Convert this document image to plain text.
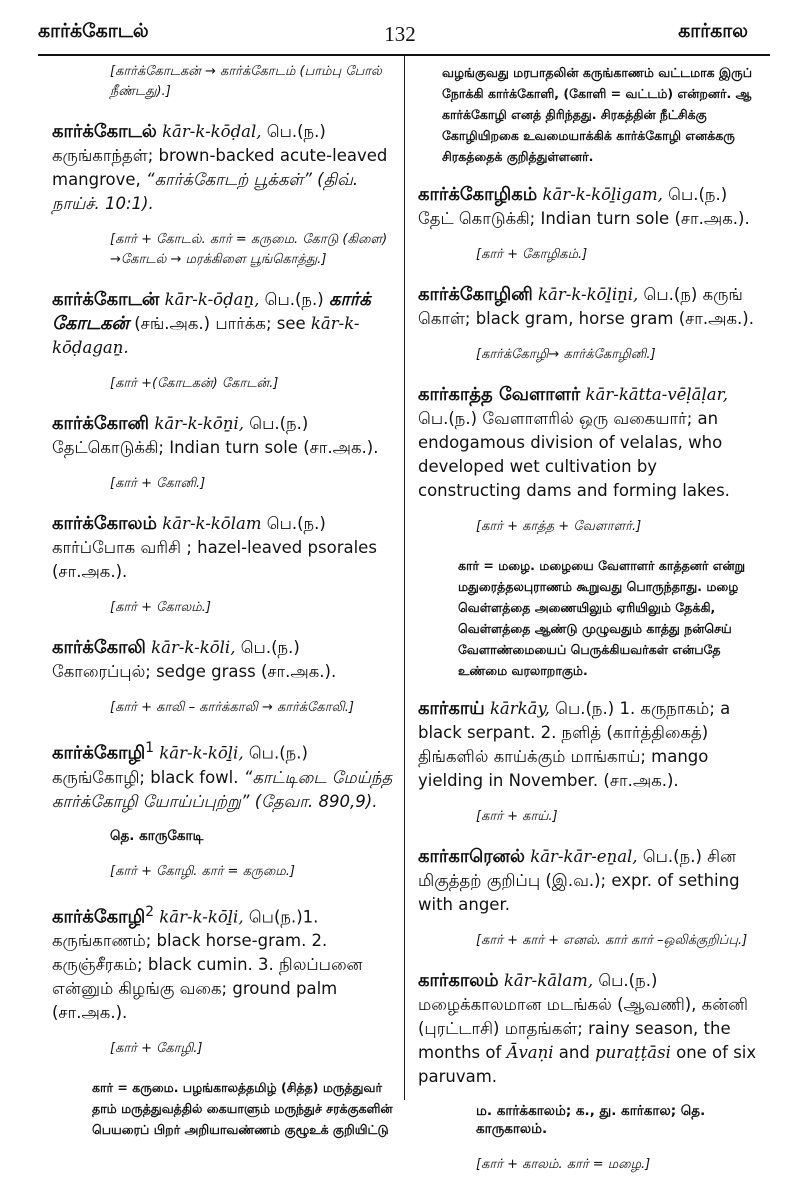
கார்க்கோடல்	132	கார்கால
[கார்க்கோடகன் → கார்க்கோடம் (பாம்பு போல் நீண்டது).]
கார்க்கோடல் kār-k-kōḍal, பெ.(ந.) கருங்காந்தள்; brown-backed acute-leaved mangrove, “கார்க்கோடற் பூக்கள்” (திவ். நாய்ச். 10:1).
[கார் + கோடல். கார் = கருமை. கோடு (கிளை) →கோடல் → மரக்கிளை பூங்கொத்து.]
கார்க்கோடன் kār-k-ōḍaṉ, பெ.(ந.) கார்க் கோடகன் (சங்.அக.) பார்க்க; see kār-k-kōḍagaṉ.
[கார் +(கோடகன்) கோடன்.]
கார்க்கோனி kār-k-kōṉi, பெ.(ந.) தேட்கொடுக்கி; Indian turn sole (சா.அக.).
[கார் + கோனி.]
கார்க்கோலம் kār-k-kōlam பெ.(ந.) கார்ப்போக வரிசி ; hazel-leaved psorales (சா.அக.).
[கார் + கோலம்.]
கார்க்கோலி kār-k-kōli, பெ.(ந.) கோரைப்புல்; sedge grass (சா.அக.).
[கார் + காலி – கார்க்காலி → கார்க்கோலி.]
கார்க்கோழி$^1$ kār-k-kōḻi, பெ.(ந.) கருங்கோழி; black fowl. “காட்டிடை மேய்ந்த கார்க்கோழி யோய்ப்புற்று” (தேவா. 890,9).
தெ. காருகோடி
[கார் + கோழி. கார் = கருமை.]
கார்க்கோழி$^2$ kār-k-kōḻi, பெ(ந.)1. கருங்காணம்; black horse-gram. 2. கருஞ்சீரகம்; black cumin. 3. நிலப்பனை என்னும் கிழங்கு வகை; ground palm (சா.அக.).
[கார் + கோழி.]
கார் = கருமை. பழங்காலத்தமிழ் (சித்த) மருத்துவர் தாம் மருத்துவத்தில் கையாளும் மருந்துச் சரக்குகளின் பெயரைப் பிறர் அறியாவண்ணம் குழூஉக் குறியிட்டு
வழங்குவது மரபாதலின் கருங்காணம் வட்டமாக இருப் நோக்கி கார்க்கோளி, (கோளி = வட்டம்) என்றனர். ஆ கார்க்கோழி எனத் திரிந்தது. சிரகத்தின் நீட்சிக்கு கோழியிறகை உவமையாக்கிக் கார்க்கோழி எனக்கரு சிரகத்தைக் குறித்துள்ளனர்.
கார்க்கோழிகம் kār-k-kōḻigam, பெ.(ந.) தேட் கொடுக்கி; Indian turn sole (சா.அக.).
[கார் + கோழிகம்.]
கார்க்கோழினி kār-k-kōḻiṉi, பெ.(ந) கருங் கொள்; black gram, horse gram (சா.அக.).
[கார்க்கோழி→ கார்க்கோழினி.]
கார்காத்த வேளாளர் kār-kātta-vēḷāḷar, பெ.(ந.) வேளாளரில் ஒரு வகையார்; an endogamous division of velalas, who developed wet cultivation by constructing dams and forming lakes.
[கார் + காத்த + வேளாளர்.]
கார் = மழை. மழையை வேளாளர் காத்தனர் என்று மதுரைத்தலபுராணம் கூறுவது பொருந்தாது. மழை வெள்ளத்தை அணையிலும் ஏரியிலும் தேக்கி, வெள்ளத்தை ஆண்டு முழுவதும் காத்து நன்செய் வேளாண்மையைப் பெருக்கியவர்கள் என்பதே உண்மை வரலாறாகும்.
கார்காய் kārkāy, பெ.(ந.) 1. கருநாகம்; a black serpant. 2. நளித் (கார்த்திகைத்) திங்களில் காய்க்கும் மாங்காய்; mango yielding in November. (சா.அக.).
[கார் + காய்.]
கார்காரெனல் kār-kār-eṉal, பெ.(ந.) சின மிகுத்தற் குறிப்பு (இ.வ.); expr. of sething with anger.
[கார் + கார் + எனல். கார் கார் –ஒலிக்குறிப்பு.]
கார்காலம் kār-kālam, பெ.(ந.) மழைக்காலமான மடங்கல் (ஆவணி), கன்னி (புரட்டாசி) மாதங்கள்; rainy season, the months of Āvaṇi and puraṭṭāsi one of six paruvam.
ம. கார்க்காலம்; க., து. கார்கால; தெ. காருகாலம்.
[கார் + காலம். கார் = மழை.]
